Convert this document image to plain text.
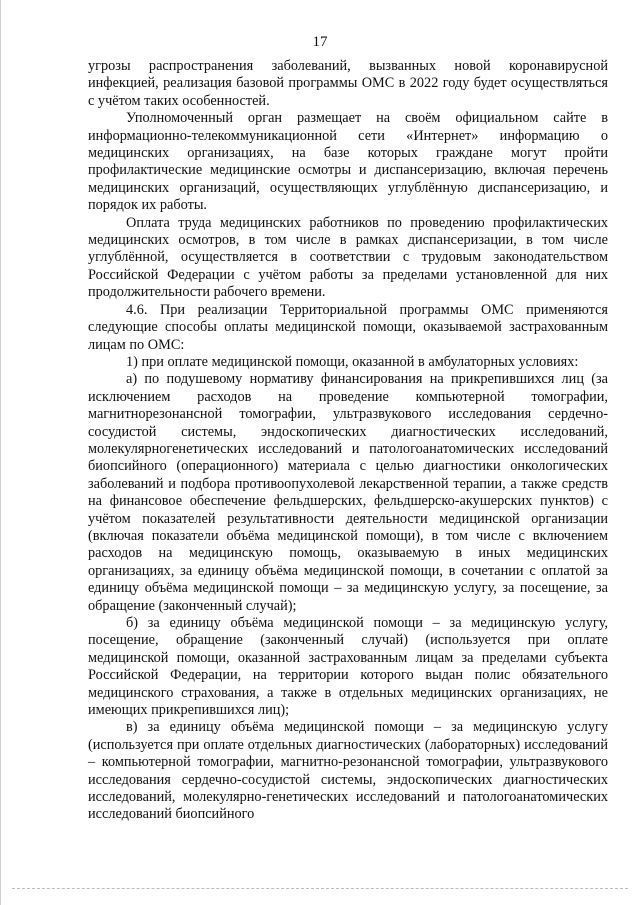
17

угрозы распространения заболеваний, вызванных новой коронавирусной инфекцией, реализация базовой программы ОМС в 2022 году будет осуществляться с учётом таких особенностей.

Уполномоченный орган размещает на своём официальном сайте в информационно-телекоммуникационной сети «Интернет» информацию о медицинских организациях, на базе которых граждане могут пройти профилактические медицинские осмотры и диспансеризацию, включая перечень медицинских организаций, осуществляющих углублённую диспансеризацию, и порядок их работы.

Оплата труда медицинских работников по проведению профилактических медицинских осмотров, в том числе в рамках диспансеризации, в том числе углублённой, осуществляется в соответствии с трудовым законодательством Российской Федерации с учётом работы за пределами установленной для них продолжительности рабочего времени.

4.6. При реализации Территориальной программы ОМС применяются следующие способы оплаты медицинской помощи, оказываемой застрахованным лицам по ОМС:

1) при оплате медицинской помощи, оказанной в амбулаторных условиях:

а) по подушевому нормативу финансирования на прикрепившихся лиц (за исключением расходов на проведение компьютерной томографии, магнитнорезонансной томографии, ультразвукового исследования сердечно-сосудистой системы, эндоскопических диагностических исследований, молекулярногенетических исследований и патологоанатомических исследований биопсийного (операционного) материала с целью диагностики онкологических заболеваний и подбора противоопухолевой лекарственной терапии, а также средств на финансовое обеспечение фельдшерских, фельдшерско-акушерских пунктов) с учётом показателей результативности деятельности медицинской организации (включая показатели объёма медицинской помощи), в том числе с включением расходов на медицинскую помощь, оказываемую в иных медицинских организациях, за единицу объёма медицинской помощи, в сочетании с оплатой за единицу объёма медицинской помощи – за медицинскую услугу, за посещение, за обращение (законченный случай);

б) за единицу объёма медицинской помощи – за медицинскую услугу, посещение, обращение (законченный случай) (используется при оплате медицинской помощи, оказанной застрахованным лицам за пределами субъекта Российской Федерации, на территории которого выдан полис обязательного медицинского страхования, а также в отдельных медицинских организациях, не имеющих прикрепившихся лиц);

в) за единицу объёма медицинской помощи – за медицинскую услугу (используется при оплате отдельных диагностических (лабораторных) исследований – компьютерной томографии, магнитно-резонансной томографии, ультразвукового исследования сердечно-сосудистой системы, эндоскопических диагностических исследований, молекулярно-генетических исследований и патологоанатомических исследований биопсийного
